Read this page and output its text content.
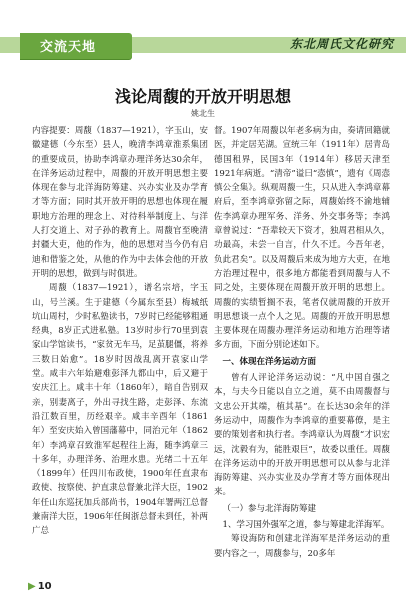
交流天地	东北周氏文化研究
浅论周馥的开放开明思想
姚北生

内容提要：周馥（1837—1921），字玉山，安徽建德（今东至）县人，晚清李鸿章淮系集团的重要成员，协助李鸿章办理洋务达30余年，在洋务运动过程中，周馥的开放开明思想主要体现在参与北洋海防筹建、兴办实业及办学育才等方面；同时其开放开明的思想也体现在履职地方治理的理念上、对待科举制度上、与洋人打交道上、对子孙的教育上。周馥官至晚清封疆大吏，他的作为，他的思想对当今仍有启迪和借鉴之处，从他的作为中去体会他的开放开明的思想，做到与时俱进。

周馥（1837—1921），谱名宗培，字玉山，号兰溪。生于建德（今属东至县）梅城纸坑山周村，少时私塾读书，7岁时已经能够粗通经典，8岁正式进私塾。13岁时步行70里到袁家山学馆读书，“家贫无车马，足茧腿僵，将养三数日始愈”。18岁时因战乱离开袁家山学堂。咸丰六年始避难彭泽九都山中，后又避于安庆江上。咸丰十年（1860年），暗自告别双亲，别妻离子，外出寻找生路，走彭泽、东流沿江数百里，历经艰辛。咸丰辛酉年（1861年）至安庆始入曾国藩幕中，同治元年（1862年）李鸿章召致淮军起程往上海，随李鸿章三十多年，办理洋务、治理水患。光绪二十五年（1899年）任四川布政使，1900年任直隶布政使、按察使、护直隶总督兼北洋大臣，1902年任山东巡抚加兵部尚书，1904年署两江总督兼南洋大臣，1906年任闽浙总督未到任，补两广总

督。1907年周馥以年老多病为由，奏请回籍就医，并定居芜湖。宣统三年（1911年）居青岛德国租界，民国3年（1914年）移居天津至1921年病逝。“清帝”谥曰“悫慎”，遗有《周悫慎公全集》。纵观周馥一生，只从进入李鸿章幕府后，至李鸿章弥留之际，周馥始终不渝地辅佐李鸿章办理军务、洋务、外交事务等；李鸿章曾说过：“吾辈较天下资才，独周君相从久，功最高，未尝一自言，什久不迁。今吾年老，负此君矣”。以及周馥后来成为地方大吏，在地方治理过程中，很多地方都能看到周馥与人不同之处，主要体现在周馥开放开明的思想上。周馥的实绩暂搁不表，笔者仅就周馥的开放开明思想谈一点个人之见。周馥的开放开明思想主要体现在周馥办理洋务运动和地方治理等诸多方面，下面分别论述如下。

一、体现在洋务运动方面

曾有人评论洋务运动说：“凡中国自强之本，与夫今日能以自立之道，莫不由周馥督与文忠公开其端，植其基”。在长达30余年的洋务运动中，周馥作为李鸿章的重要幕僚，是主要的策划者和执行者。李鸿章认为周馥“才识宏远，沈毅有为，能胜艰巨”，故委以重任。周馥在洋务运动中的开放开明思想可以从参与北洋海防筹建、兴办实业及办学育才等方面体现出来。

（一）参与北洋海防筹建
1、学习国外强军之道，参与筹建北洋海军。

筹设海防和创建北洋海军是洋务运动的重要内容之一，周馥参与，20多年

▶ 10
